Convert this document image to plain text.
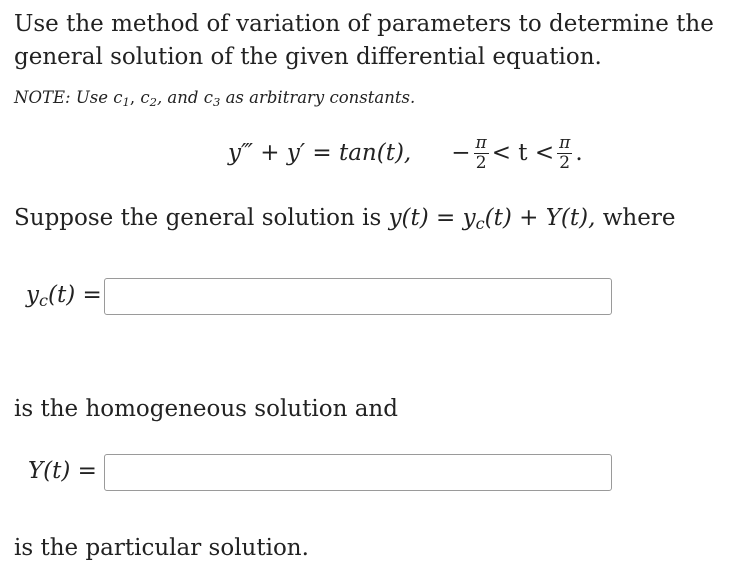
Use the method of variation of parameters to determine the general solution of the given differential equation.
NOTE: Use $c_1$, $c_2$, and $c_3$ as arbitrary constants.
y‴ + y′ = tan(t), − $\frac{\pi}{2} < t < \frac{\pi}{2}$ .
Suppose the general solution is $y(t) = y_c(t) + Y(t)$, where
$y_c(t)$ =
is the homogeneous solution and
Y(t) =
is the particular solution.
